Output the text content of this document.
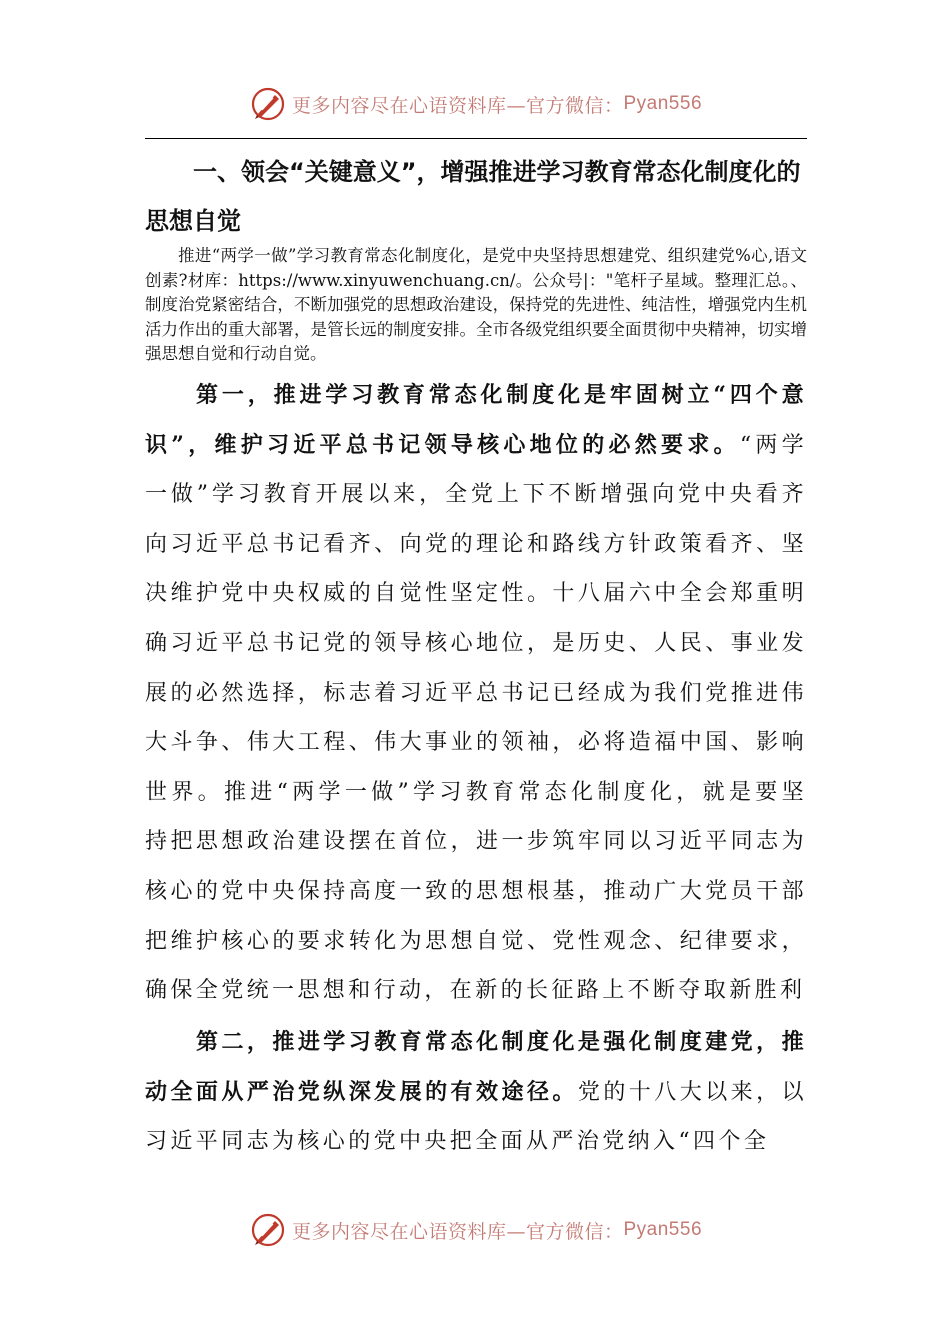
更多内容尽在心语资料库—官方微信： Pyan556
一、领会“关键意义”，增强推进学习教育常态化制度化的思想自觉

推进“两学一做”学习教育常态化制度化，是党中央坚持思想建党、组织建党%心,语文创素?材库：https://www.xinyuwenchuang.cn/。公众号|："笔杆子星域。整理汇总。、制度治党紧密结合，不断加强党的思想政治建设，保持党的先进性、纯洁性，增强党内生机活力作出的重大部署，是管长远的制度安排。全市各级党组织要全面贯彻中央精神，切实增强思想自觉和行动自觉。

第一，推进学习教育常态化制度化是牢固树立“四个意识”，维护习近平总书记领导核心地位的必然要求。“两学一做”学习教育开展以来，全党上下不断增强向党中央看齐向习近平总书记看齐、向党的理论和路线方针政策看齐、坚决维护党中央权威的自觉性坚定性。十八届六中全会郑重明确习近平总书记党的领导核心地位，是历史、人民、事业发展的必然选择，标志着习近平总书记已经成为我们党推进伟大斗争、伟大工程、伟大事业的领袖，必将造福中国、影响世界。推进“两学一做”学习教育常态化制度化，就是要坚持把思想政治建设摆在首位，进一步筑牢同以习近平同志为核心的党中央保持高度一致的思想根基，推动广大党员干部把维护核心的要求转化为思想自觉、党性观念、纪律要求，确保全党统一思想和行动，在新的长征路上不断夺取新胜利

第二，推进学习教育常态化制度化是强化制度建党，推动全面从严治党纵深发展的有效途径。党的十八大以来，以习近平同志为核心的党中央把全面从严治党纳入“四个全

更多内容尽在心语资料库—官方微信： Pyan556
